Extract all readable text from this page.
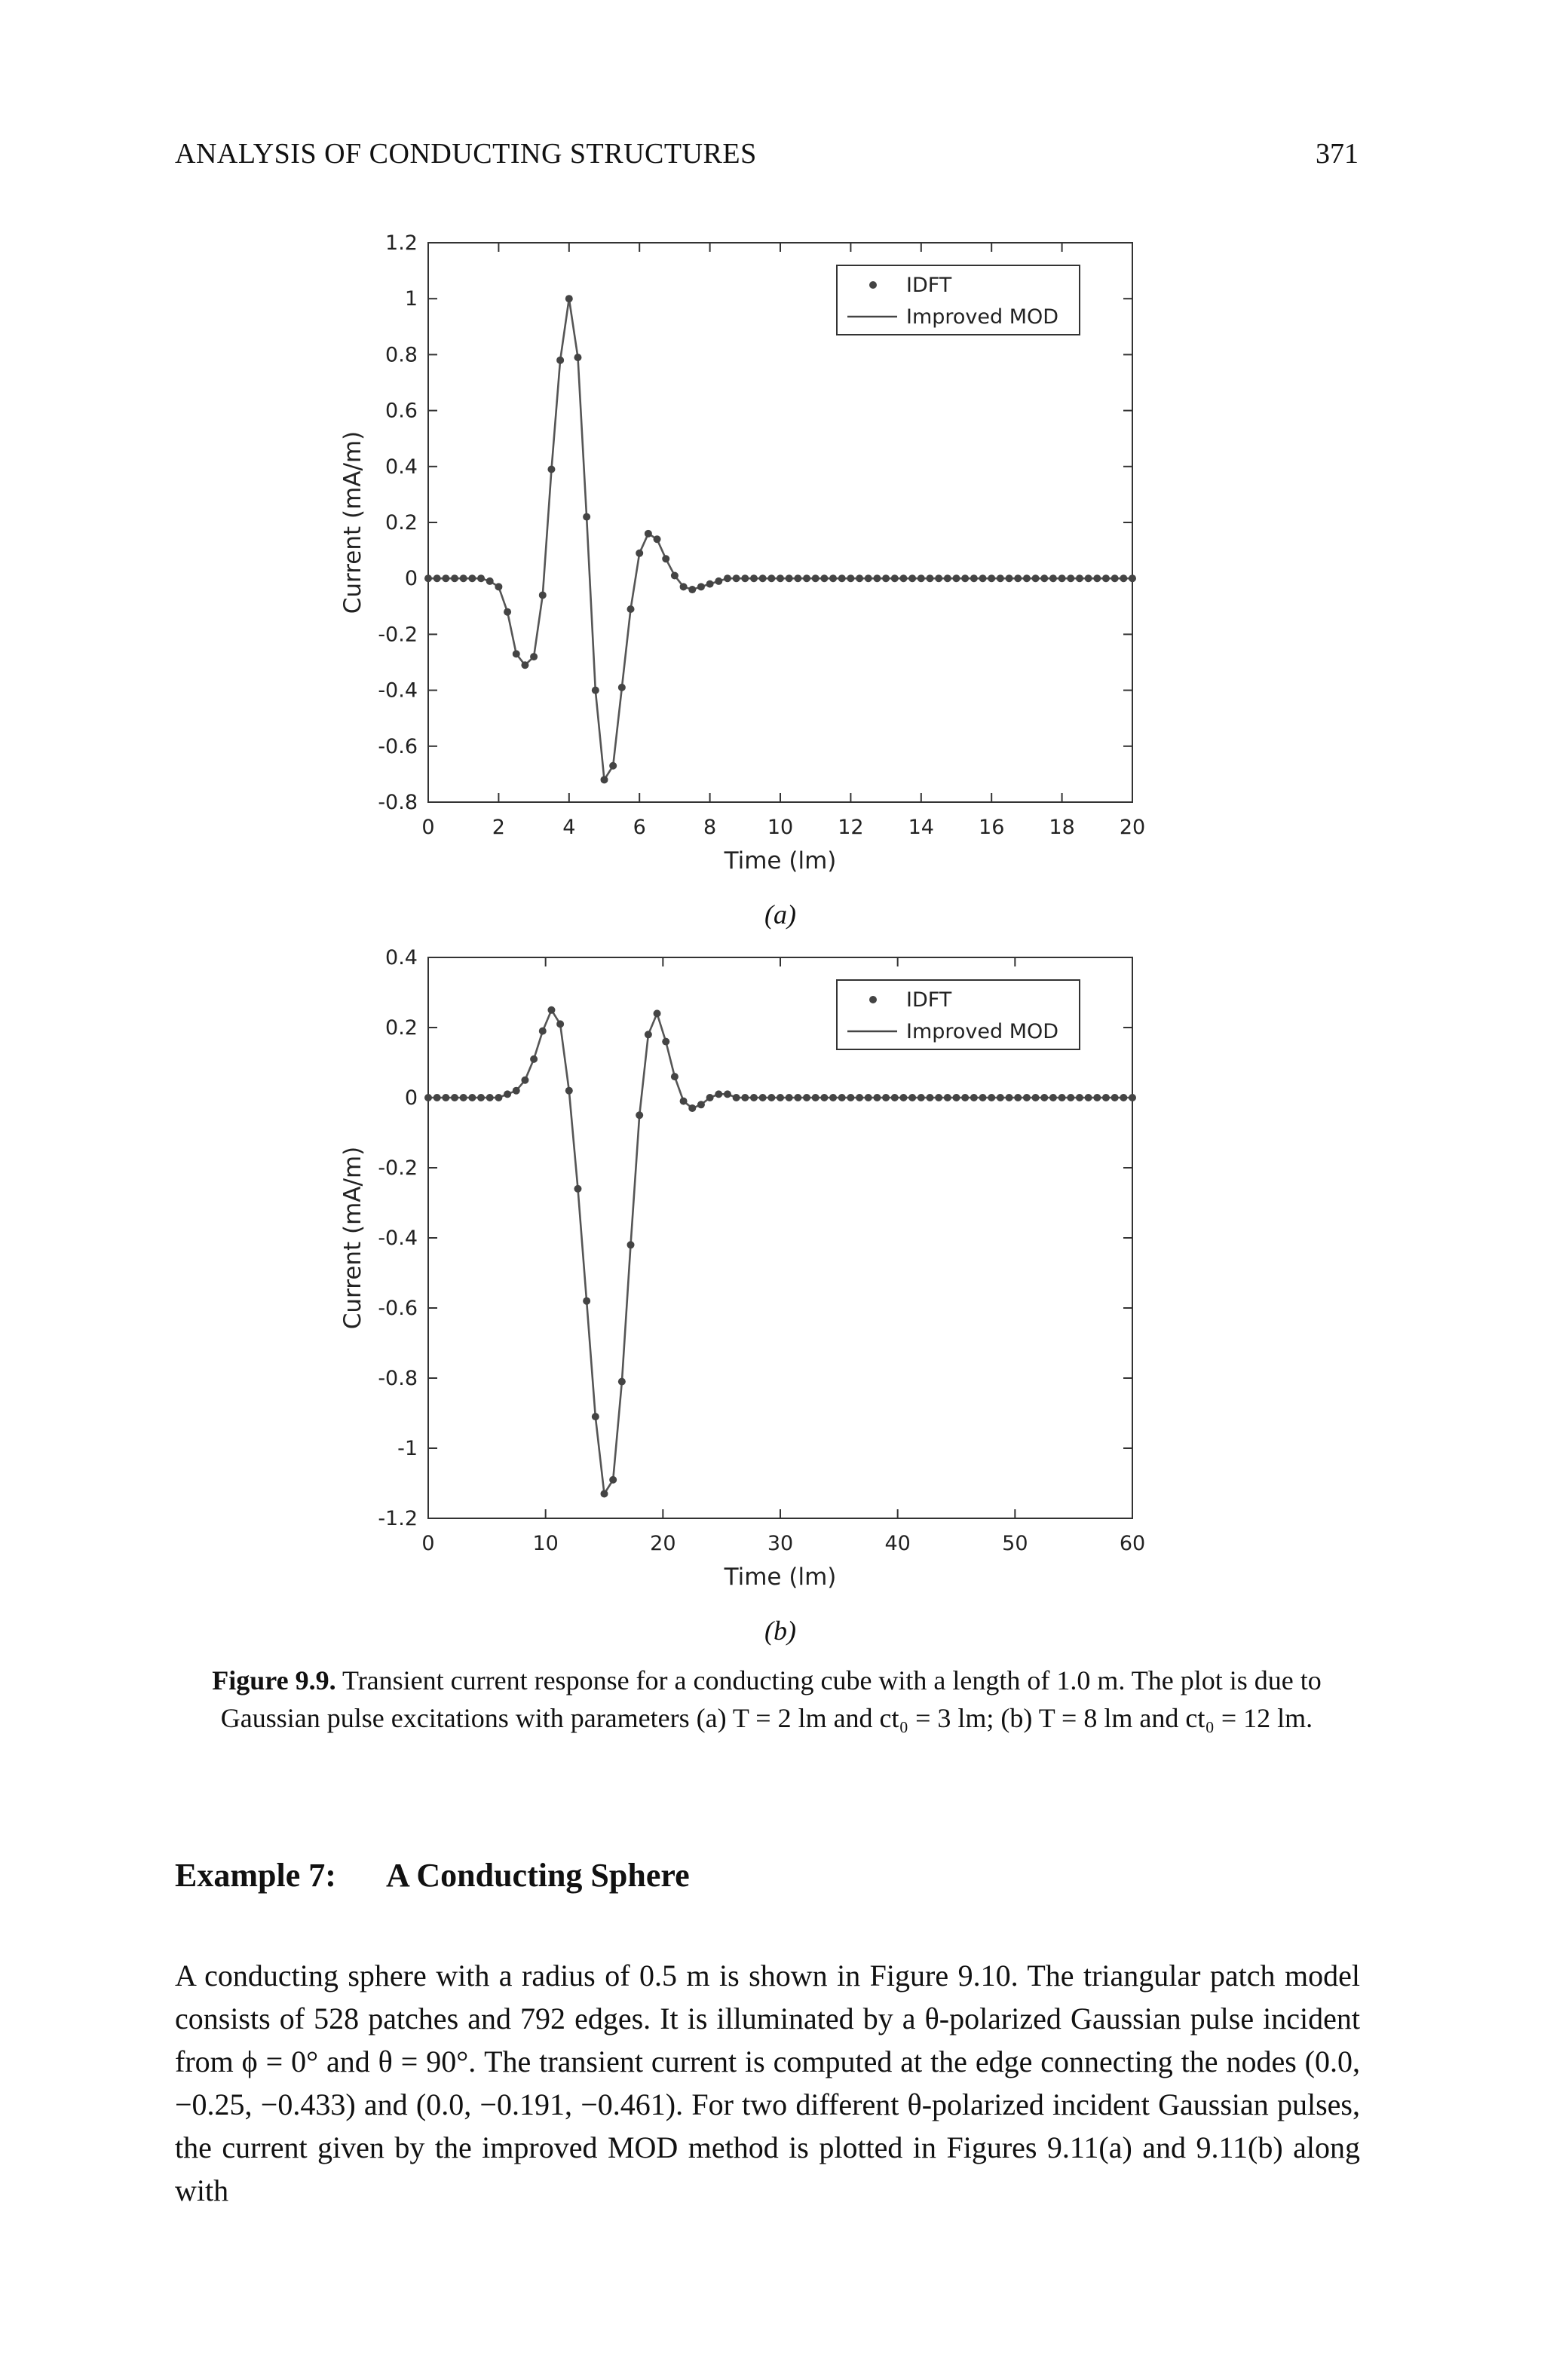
ANALYSIS OF CONDUCTING STRUCTURES	371
0	2	4	6	8	10 12 14 16 18 20
-0.8
-0.6
-0.4
-0.2
0
0.2
0.4
0.6
0.8
1
1.2
Time (lm)
Current (mA/m)
IDFT
Improved MOD
0	10	20	30	40	50	60
-1.2
-1
-0.8
-0.6
-0.4
-0.2
0
0.2
0.4
Time (lm)
Current (mA/m)
IDFT
Improved MOD
(a)
(b)
Figure 9.9. Transient current response for a conducting cube with a length of 1.0 m. The plot is due to Gaussian pulse excitations with parameters (a) T = 2 lm and ct₀ = 3 lm; (b) T = 8 lm and ct₀ = 12 lm.
Example 7: A Conducting Sphere
A conducting sphere with a radius of 0.5 m is shown in Figure 9.10. The triangular patch model consists of 528 patches and 792 edges. It is illuminated by a θ-polarized Gaussian pulse incident from ϕ = 0° and θ = 90°. The transient current is computed at the edge connecting the nodes (0.0, −0.25, −0.433) and (0.0, −0.191, −0.461). For two different θ-polarized incident Gaussian pulses, the current given by the improved MOD method is plotted in Figures 9.11(a) and 9.11(b) along with
